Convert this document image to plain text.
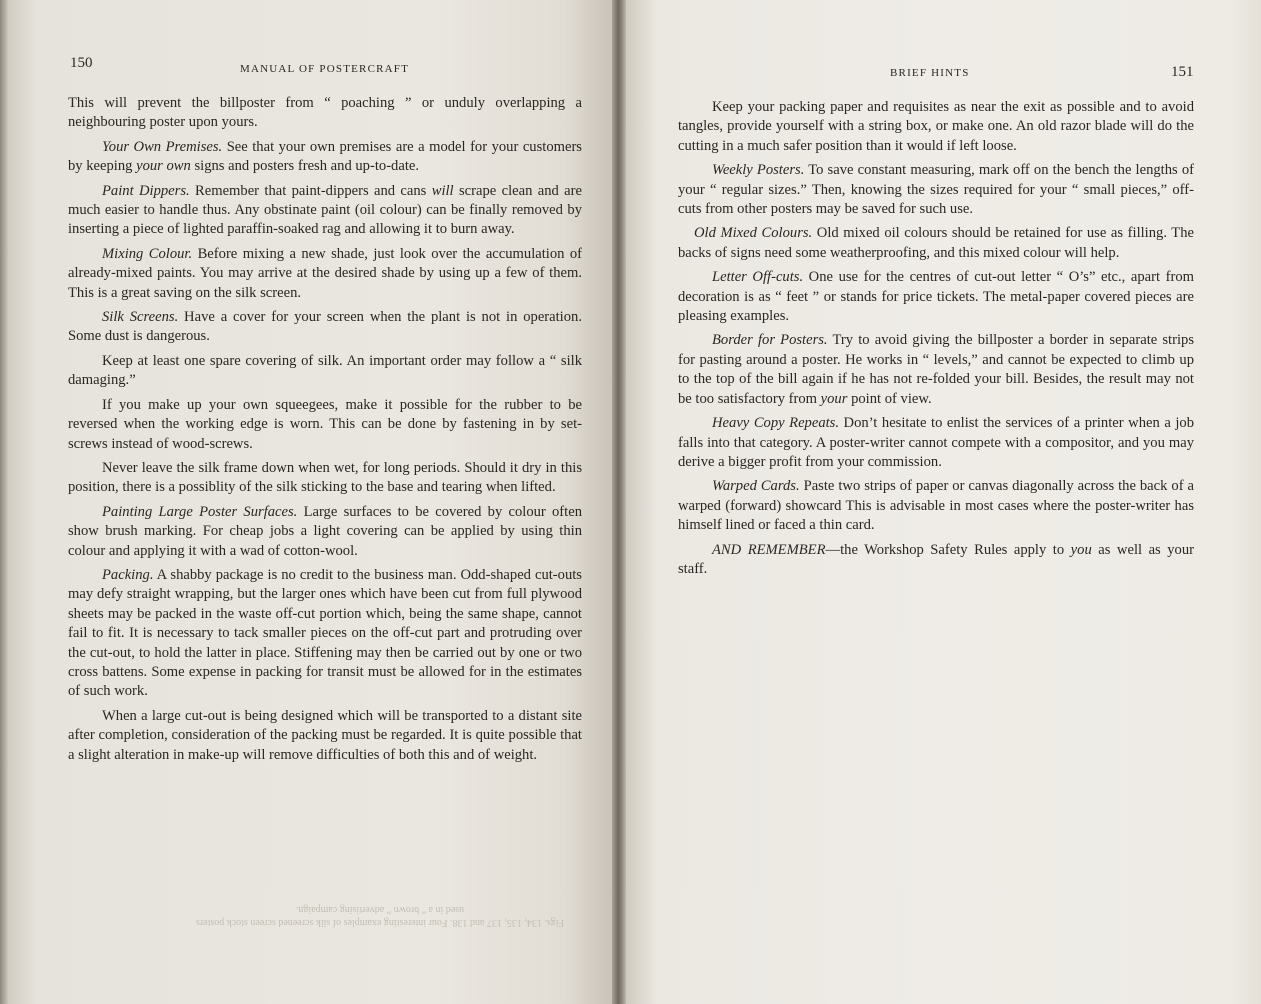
150	MANUAL OF POSTERCRAFT

This will prevent the billposter from “ poaching ” or unduly overlapping a neighbouring poster upon yours.

Your Own Premises. See that your own premises are a model for your customers by keeping your own signs and posters fresh and up-to-date.

Paint Dippers. Remember that paint-dippers and cans will scrape clean and are much easier to handle thus. Any obstinate paint (oil colour) can be finally removed by inserting a piece of lighted paraffin-soaked rag and allowing it to burn away.

Mixing Colour. Before mixing a new shade, just look over the accumulation of already-mixed paints. You may arrive at the desired shade by using up a few of them. This is a great saving on the silk screen.

Silk Screens. Have a cover for your screen when the plant is not in operation. Some dust is dangerous.

Keep at least one spare covering of silk. An important order may follow a “ silk damaging.”

If you make up your own squeegees, make it possible for the rubber to be reversed when the working edge is worn. This can be done by fastening in by set-screws instead of wood-screws.

Never leave the silk frame down when wet, for long periods. Should it dry in this position, there is a possiblity of the silk sticking to the base and tearing when lifted.

Painting Large Poster Surfaces. Large surfaces to be covered by colour often show brush marking. For cheap jobs a light covering can be applied by using thin colour and applying it with a wad of cotton-wool.

Packing. A shabby package is no credit to the business man. Odd-shaped cut-outs may defy straight wrapping, but the larger ones which have been cut from full plywood sheets may be packed in the waste off-cut portion which, being the same shape, cannot fail to fit. It is necessary to tack smaller pieces on the off-cut part and protruding over the cut-out, to hold the latter in place. Stiffening may then be carried out by one or two cross battens. Some expense in packing for transit must be allowed for in the estimates of such work.

When a large cut-out is being designed which will be transported to a distant site after completion, consideration of the packing must be regarded. It is quite possible that a slight alteration in make-up will remove difficulties of both this and of weight.

Figs. 134, 135, 137 and 138. Four interesting examples of silk screened screen stock posters used in a “ brown ” advertising campaign.
BRIEF HINTS	151

Keep your packing paper and requisites as near the exit as possible and to avoid tangles, provide yourself with a string box, or make one. An old razor blade will do the cutting in a much safer position than it would if left loose.

Weekly Posters. To save constant measuring, mark off on the bench the lengths of your “ regular sizes.” Then, knowing the sizes required for your “ small pieces,” off-cuts from other posters may be saved for such use.

Old Mixed Colours. Old mixed oil colours should be retained for use as filling. The backs of signs need some weatherproofing, and this mixed colour will help.

Letter Off-cuts. One use for the centres of cut-out letter “ O’s” etc., apart from decoration is as “ feet ” or stands for price tickets. The metal-paper covered pieces are pleasing examples.

Border for Posters. Try to avoid giving the billposter a border in separate strips for pasting around a poster. He works in “ levels,” and cannot be expected to climb up to the top of the bill again if he has not re-folded your bill. Besides, the result may not be too satisfactory from your point of view.

Heavy Copy Repeats. Don’t hesitate to enlist the services of a printer when a job falls into that category. A poster-writer cannot compete with a compositor, and you may derive a bigger profit from your commission.

Warped Cards. Paste two strips of paper or canvas diagonally across the back of a warped (forward) showcard This is advisable in most cases where the poster-writer has himself lined or faced a thin card.

AND REMEMBER—the Workshop Safety Rules apply to you as well as your staff.
